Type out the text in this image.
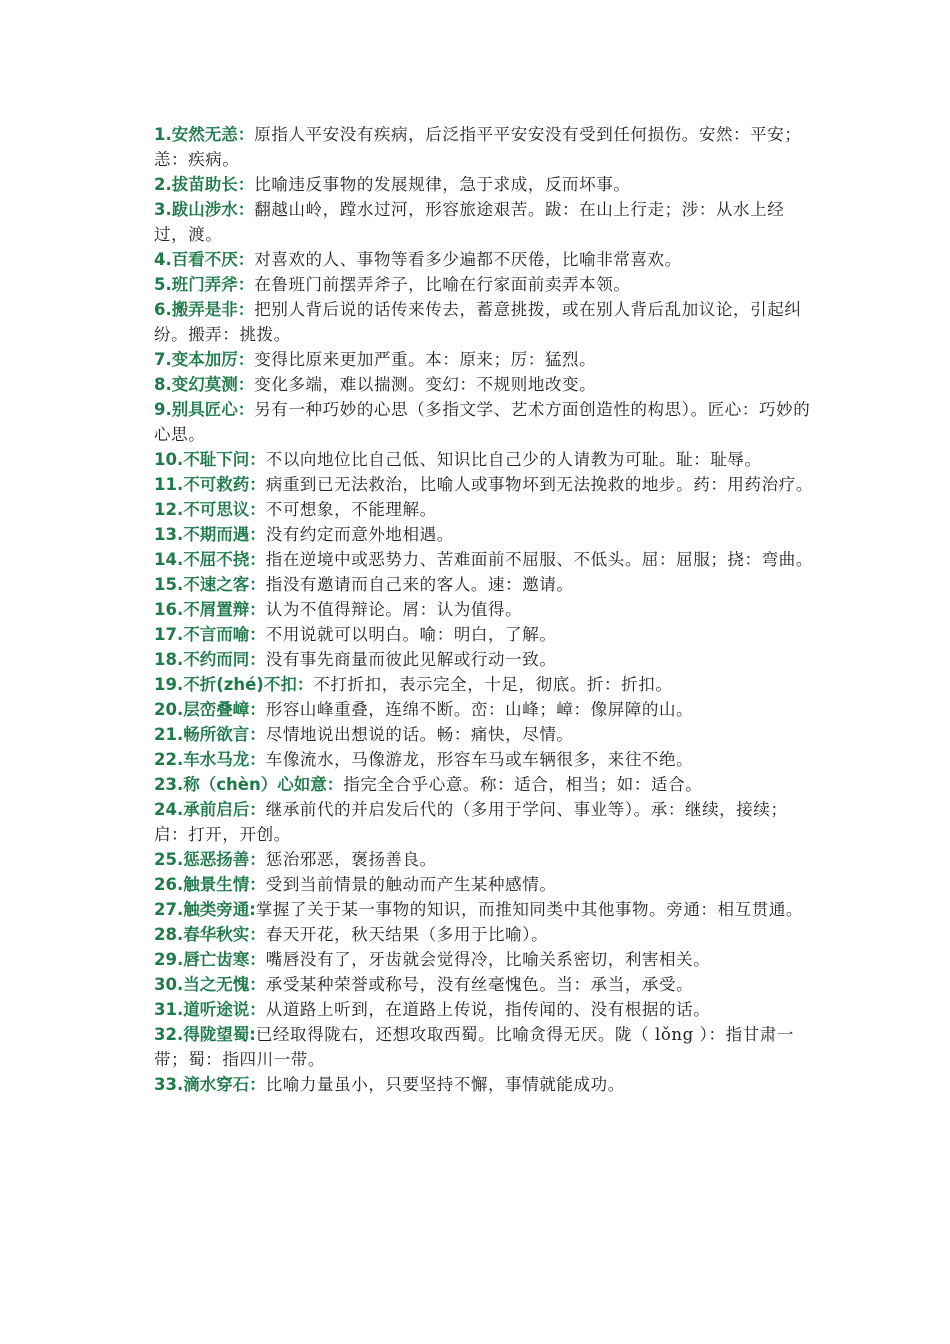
1.安然无恙：原指人平安没有疾病，后泛指平平安安没有受到任何损伤。安然：平安；恙：疾病。

2.拔苗助长：比喻违反事物的发展规律，急于求成，反而坏事。

3.跋山涉水：翻越山岭，蹚水过河，形容旅途艰苦。跋：在山上行走；涉：从水上经过，渡。

4.百看不厌：对喜欢的人、事物等看多少遍都不厌倦，比喻非常喜欢。

5.班门弄斧：在鲁班门前摆弄斧子，比喻在行家面前卖弄本领。

6.搬弄是非：把别人背后说的话传来传去，蓄意挑拨，或在别人背后乱加议论，引起纠纷。搬弄：挑拨。

7.变本加厉：变得比原来更加严重。本：原来；厉：猛烈。

8.变幻莫测：变化多端，难以揣测。变幻：不规则地改变。

9.别具匠心：另有一种巧妙的心思（多指文学、艺术方面创造性的构思）。匠心：巧妙的心思。

10.不耻下问：不以向地位比自己低、知识比自己少的人请教为可耻。耻：耻辱。

11.不可救药：病重到已无法救治，比喻人或事物坏到无法挽救的地步。药：用药治疗。

12.不可思议：不可想象，不能理解。

13.不期而遇：没有约定而意外地相遇。

14.不屈不挠：指在逆境中或恶势力、苦难面前不屈服、不低头。屈：屈服；挠：弯曲。

15.不速之客：指没有邀请而自己来的客人。速：邀请。

16.不屑置辩：认为不值得辩论。屑：认为值得。

17.不言而喻：不用说就可以明白。喻：明白，了解。

18.不约而同：没有事先商量而彼此见解或行动一致。

19.不折(zhé)不扣：不打折扣，表示完全，十足，彻底。折：折扣。

20.层峦叠嶂：形容山峰重叠，连绵不断。峦：山峰；嶂：像屏障的山。

21.畅所欲言：尽情地说出想说的话。畅：痛快，尽情。

22.车水马龙：车像流水，马像游龙，形容车马或车辆很多，来往不绝。

23.称（chèn）心如意：指完全合乎心意。称：适合，相当；如：适合。

24.承前启后：继承前代的并启发后代的（多用于学问、事业等）。承：继续，接续；启：打开，开创。

25.惩恶扬善：惩治邪恶，褒扬善良。

26.触景生情：受到当前情景的触动而产生某种感情。

27.触类旁通:掌握了关于某一事物的知识，而推知同类中其他事物。旁通：相互贯通。

28.春华秋实：春天开花，秋天结果（多用于比喻）。

29.唇亡齿寒：嘴唇没有了，牙齿就会觉得冷，比喻关系密切，利害相关。

30.当之无愧：承受某种荣誉或称号，没有丝毫愧色。当：承当，承受。

31.道听途说：从道路上听到，在道路上传说，指传闻的、没有根据的话。

32.得陇望蜀:已经取得陇右，还想攻取西蜀。比喻贪得无厌。陇（ lǒng ）：指甘肃一带；蜀：指四川一带。

33.滴水穿石：比喻力量虽小，只要坚持不懈，事情就能成功。
